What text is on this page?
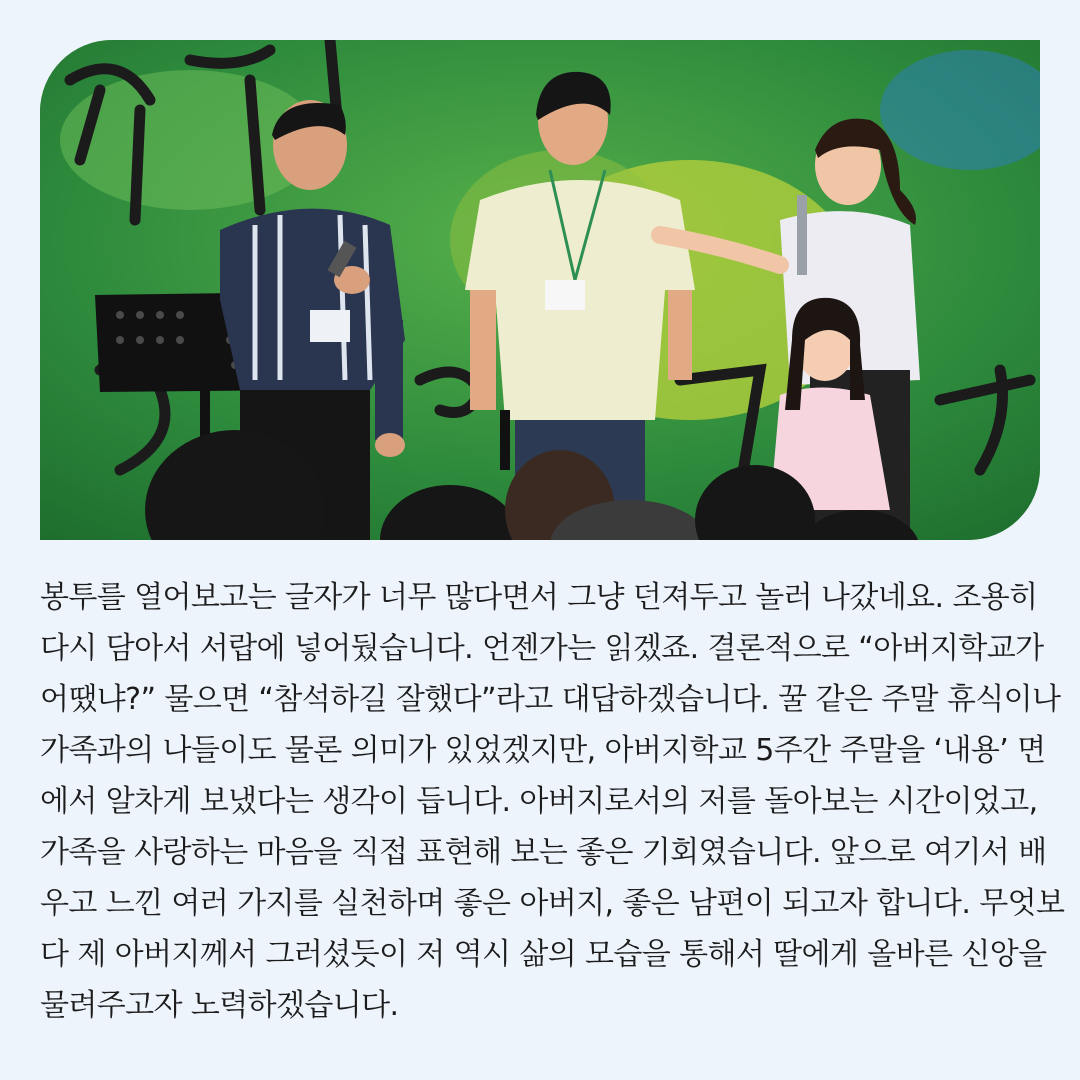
봉투를 열어보고는 글자가 너무 많다면서 그냥 던져두고 놀러 나갔네요. 조용히
다시 담아서 서랍에 넣어뒀습니다. 언젠가는 읽겠죠. 결론적으로 “아버지학교가
어땠냐?” 물으면 “참석하길 잘했다”라고 대답하겠습니다. 꿀 같은 주말 휴식이나
가족과의 나들이도 물론 의미가 있었겠지만, 아버지학교 5주간 주말을 ‘내용’ 면
에서 알차게 보냈다는 생각이 듭니다. 아버지로서의 저를 돌아보는 시간이었고,
가족을 사랑하는 마음을 직접 표현해 보는 좋은 기회였습니다. 앞으로 여기서 배
우고 느낀 여러 가지를 실천하며 좋은 아버지, 좋은 남편이 되고자 합니다. 무엇보
다 제 아버지께서 그러셨듯이 저 역시 삶의 모습을 통해서 딸에게 올바른 신앙을
물려주고자 노력하겠습니다.
